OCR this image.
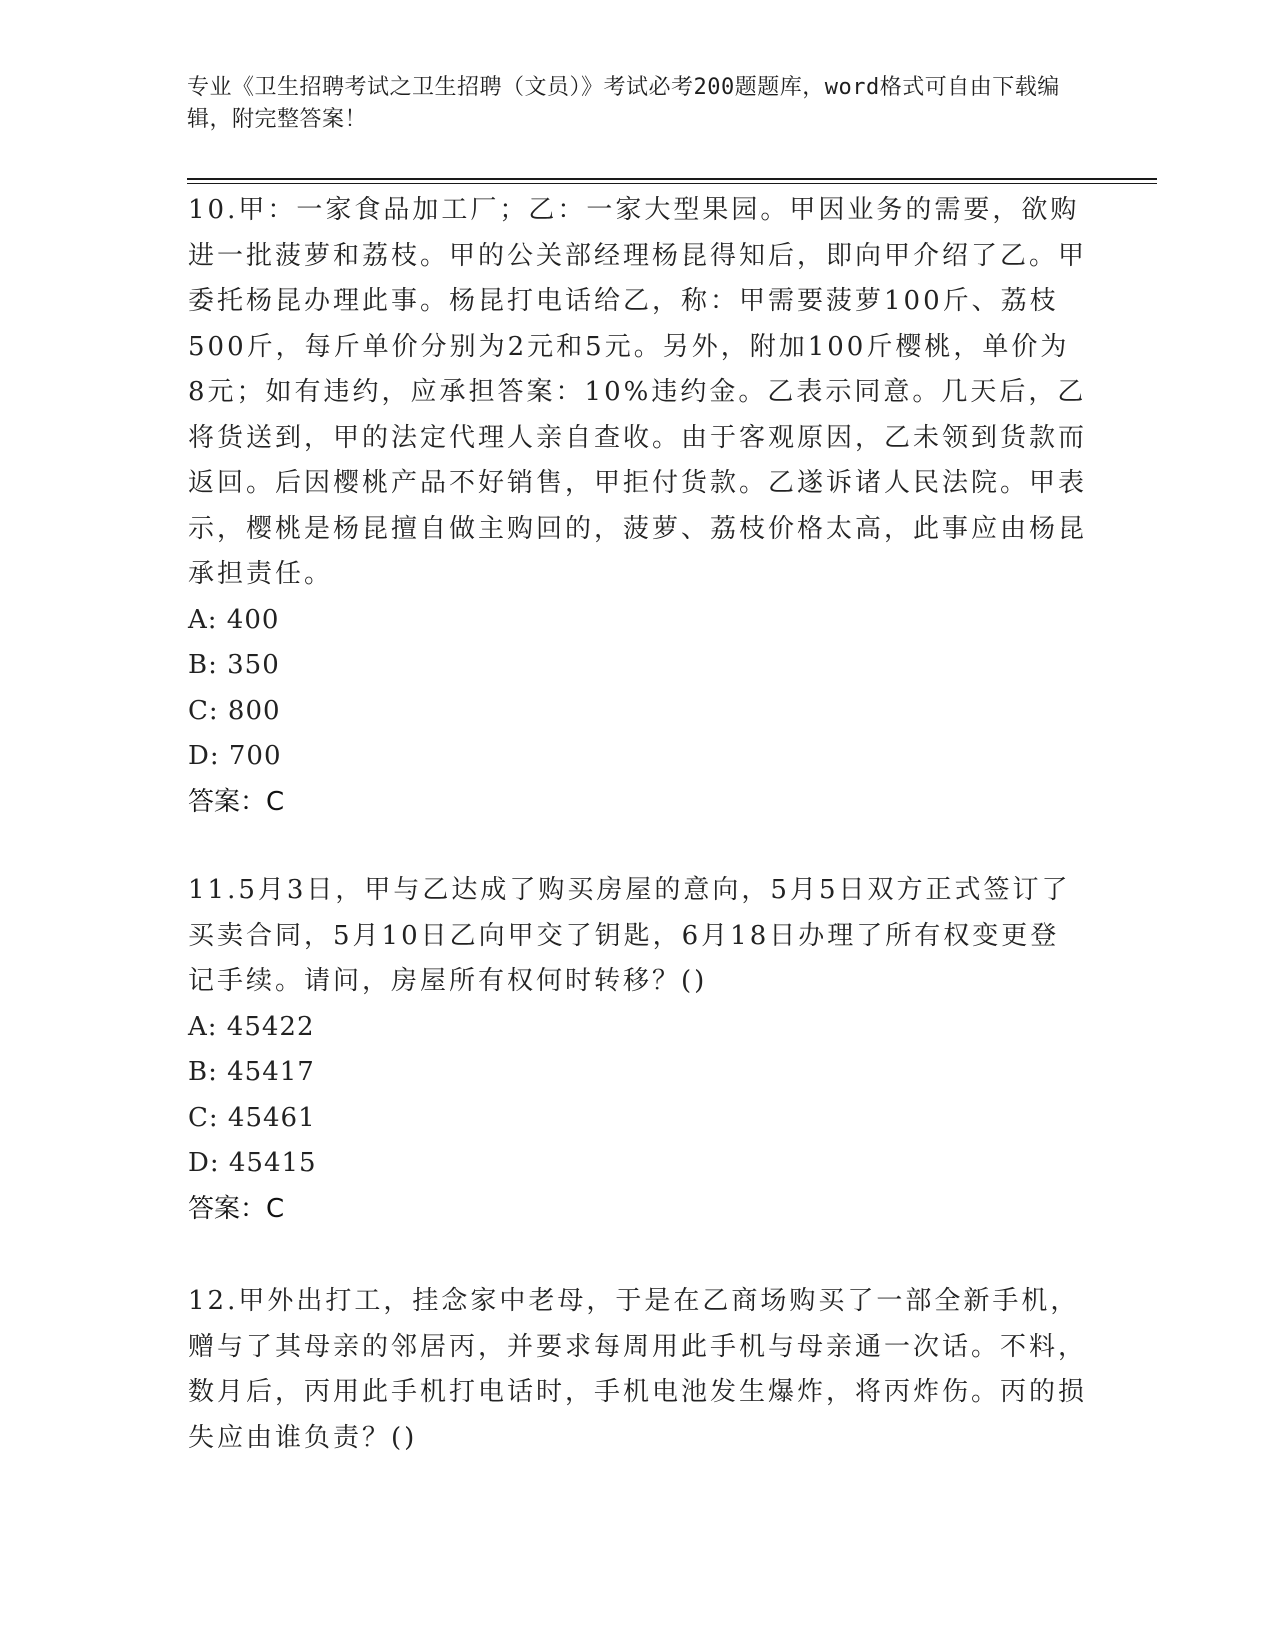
专业《卫生招聘考试之卫生招聘（文员）》考试必考200题题库，word格式可自由下载编辑，附完整答案！

10.甲：一家食品加工厂；乙：一家大型果园。甲因业务的需要，欲购进一批菠萝和荔枝。甲的公关部经理杨昆得知后，即向甲介绍了乙。甲委托杨昆办理此事。杨昆打电话给乙，称：甲需要菠萝100斤、荔枝500斤，每斤单价分别为2元和5元。另外，附加100斤樱桃，单价为8元；如有违约，应承担答案：10%违约金。乙表示同意。几天后，乙将货送到，甲的法定代理人亲自查收。由于客观原因，乙未领到货款而返回。后因樱桃产品不好销售，甲拒付货款。乙遂诉诸人民法院。甲表示，樱桃是杨昆擅自做主购回的，菠萝、荔枝价格太高，此事应由杨昆承担责任。

A: 400

B: 350

C: 800

D: 700

答案：C

11.5月3日，甲与乙达成了购买房屋的意向，5月5日双方正式签订了买卖合同，5月10日乙向甲交了钥匙，6月18日办理了所有权变更登记手续。请问，房屋所有权何时转移？()

A: 45422

B: 45417

C: 45461

D: 45415

答案：C

12.甲外出打工，挂念家中老母，于是在乙商场购买了一部全新手机，赠与了其母亲的邻居丙，并要求每周用此手机与母亲通一次话。不料，数月后，丙用此手机打电话时，手机电池发生爆炸，将丙炸伤。丙的损失应由谁负责？()
